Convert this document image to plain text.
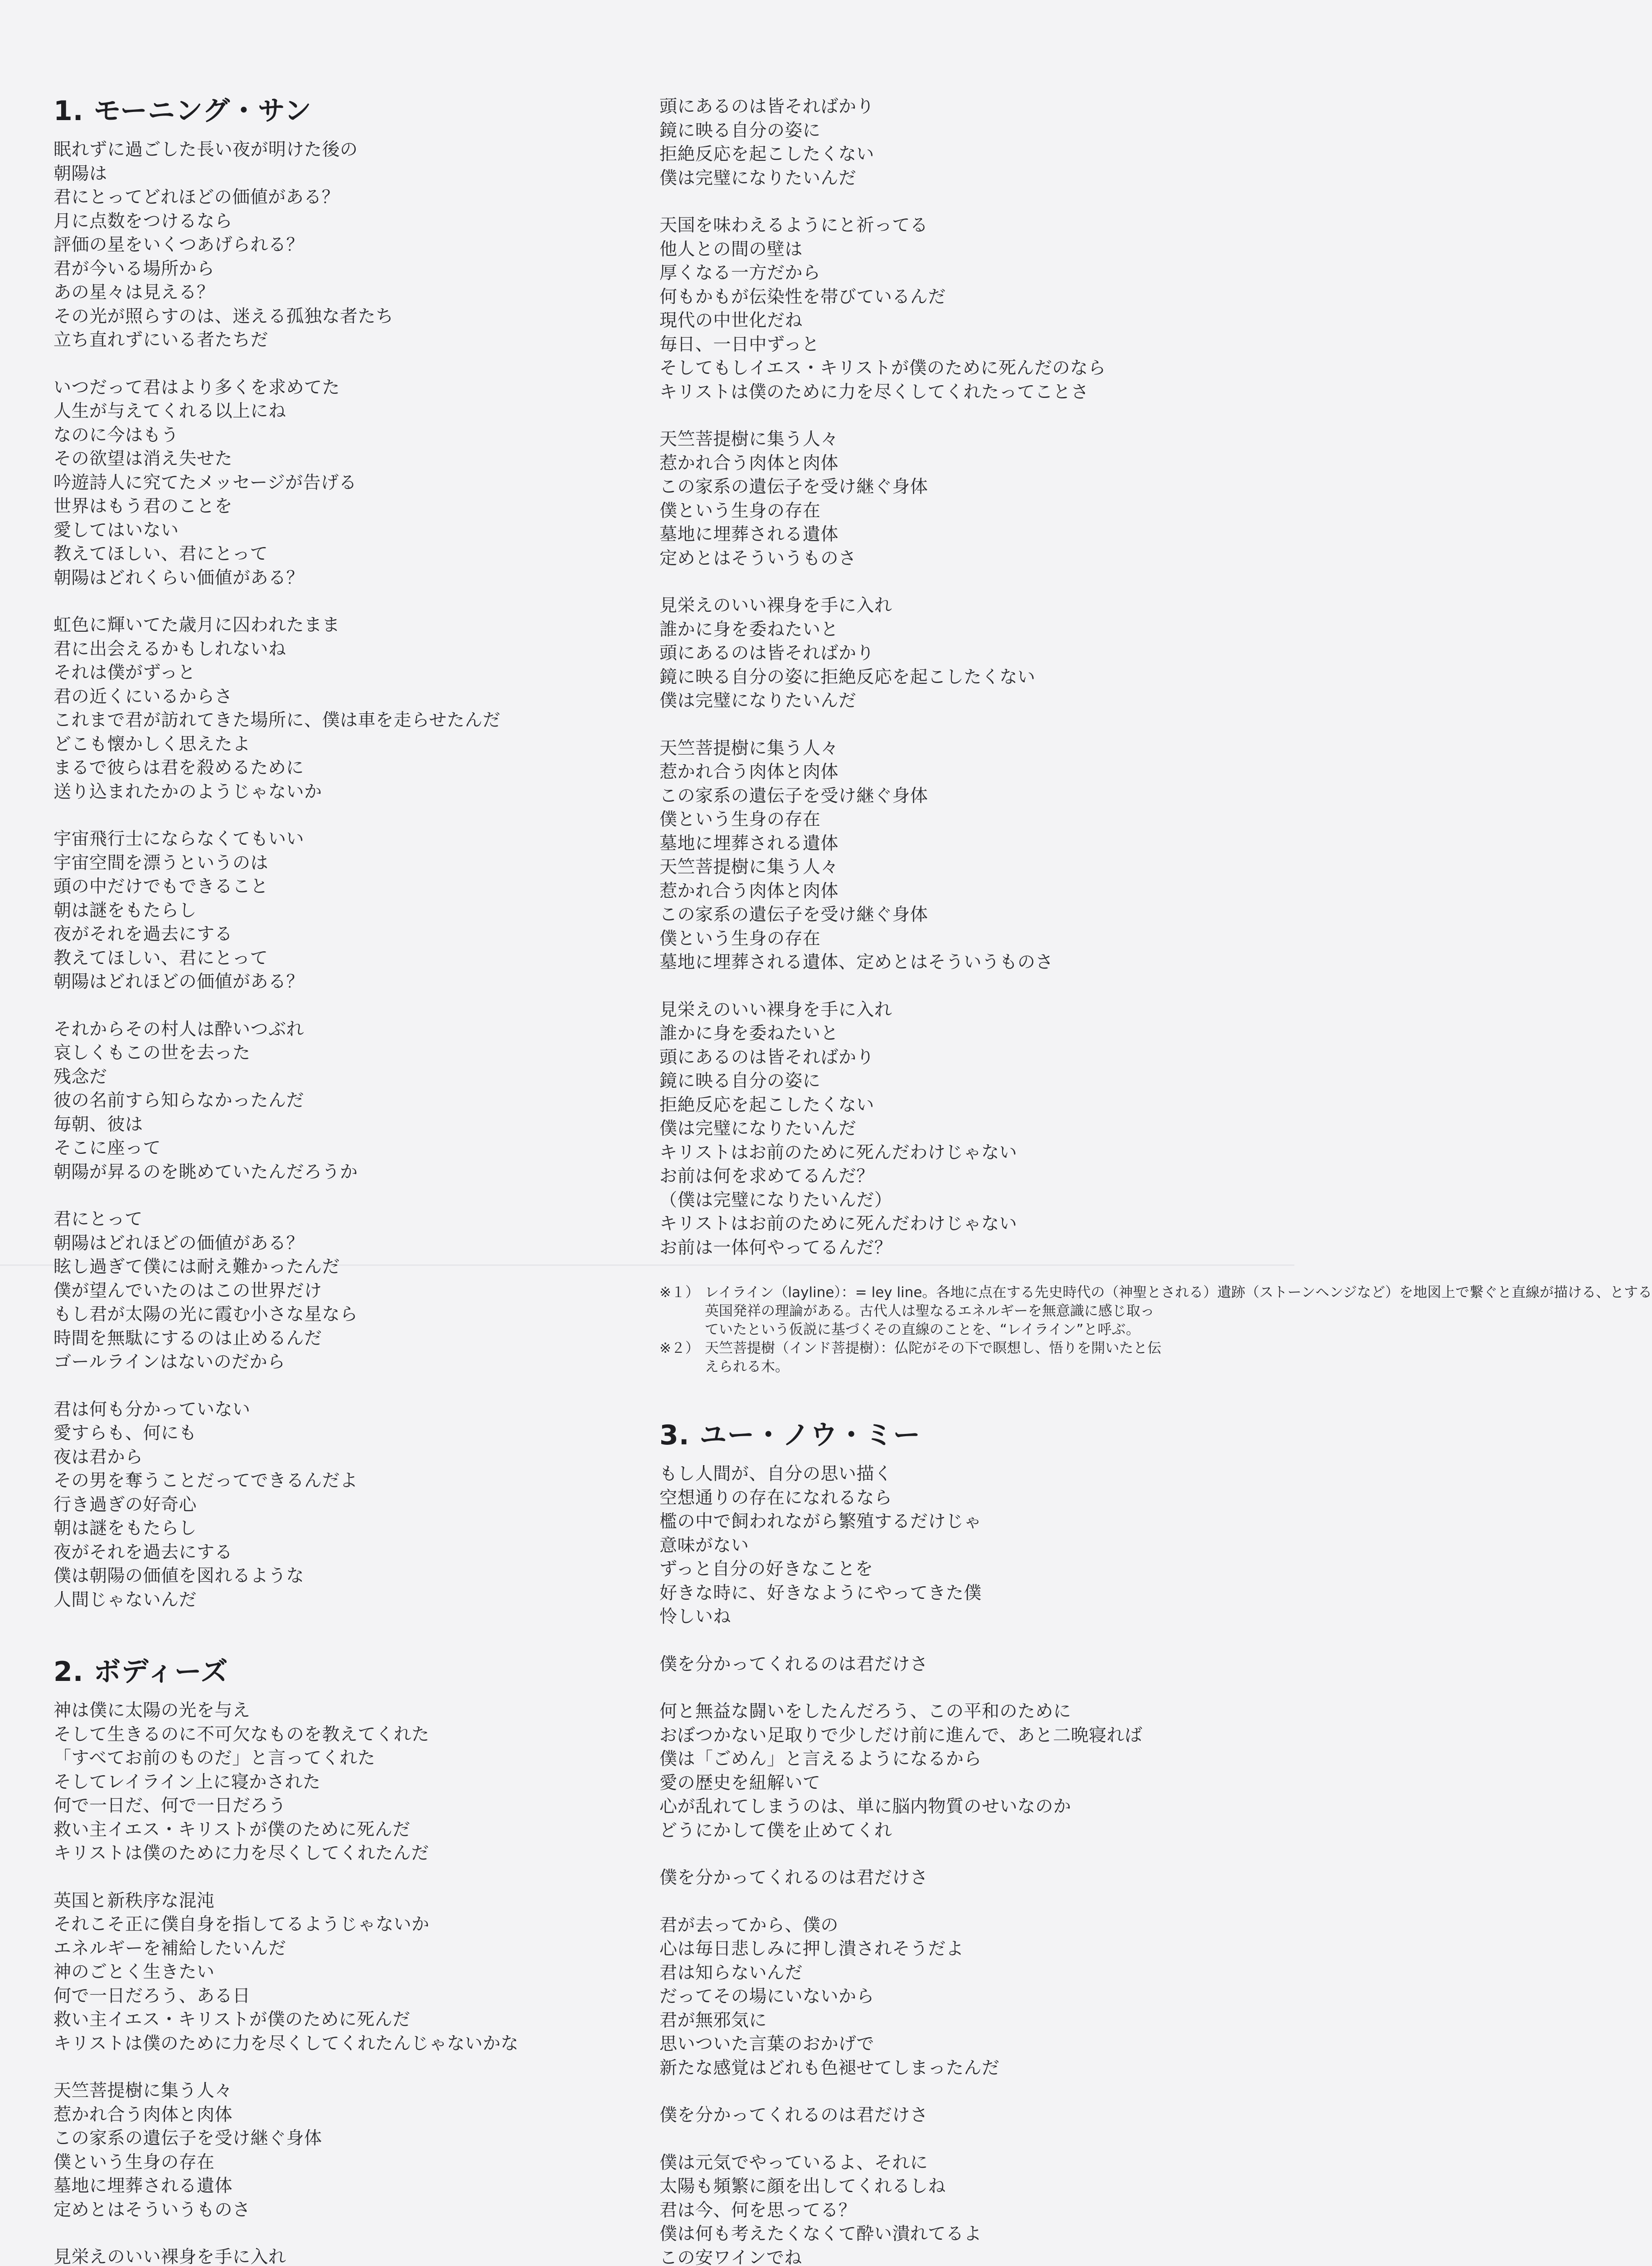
1. モーニング・サン
眠れずに過ごした長い夜が明けた後の
朝陽は
君にとってどれほどの価値がある？
月に点数をつけるなら
評価の星をいくつあげられる？
君が今いる場所から
あの星々は見える？
その光が照らすのは、迷える孤独な者たち
立ち直れずにいる者たちだ
いつだって君はより多くを求めてた
人生が与えてくれる以上にね
なのに今はもう
その欲望は消え失せた
吟遊詩人に究てたメッセージが告げる
世界はもう君のことを
愛してはいない
教えてほしい、君にとって
朝陽はどれくらい価値がある？
虹色に輝いてた歳月に囚われたまま
君に出会えるかもしれないね
それは僕がずっと
君の近くにいるからさ
これまで君が訪れてきた場所に、僕は車を走らせたんだ
どこも懐かしく思えたよ
まるで彼らは君を殺めるために
送り込まれたかのようじゃないか
宇宙飛行士にならなくてもいい
宇宙空間を漂うというのは
頭の中だけでもできること
朝は謎をもたらし
夜がそれを過去にする
教えてほしい、君にとって
朝陽はどれほどの価値がある？
それからその村人は酔いつぶれ
哀しくもこの世を去った
残念だ
彼の名前すら知らなかったんだ
毎朝、彼は
そこに座って
朝陽が昇るのを眺めていたんだろうか
君にとって
朝陽はどれほどの価値がある？
眩し過ぎて僕には耐え難かったんだ
僕が望んでいたのはこの世界だけ
もし君が太陽の光に霞む小さな星なら
時間を無駄にするのは止めるんだ
ゴールラインはないのだから
君は何も分かっていない
愛すらも、何にも
夜は君から
その男を奪うことだってできるんだよ
行き過ぎの好奇心
朝は謎をもたらし
夜がそれを過去にする
僕は朝陽の価値を図れるような
人間じゃないんだ
2. ボディーズ
神は僕に太陽の光を与え
そして生きるのに不可欠なものを教えてくれた
「すべてお前のものだ」と言ってくれた
そしてレイライン上に寝かされた
何で一日だ、何で一日だろう
救い主イエス・キリストが僕のために死んだ
キリストは僕のために力を尽くしてくれたんだ
英国と新秩序な混沌
それこそ正に僕自身を指してるようじゃないか
エネルギーを補給したいんだ
神のごとく生きたい
何で一日だろう、ある日
救い主イエス・キリストが僕のために死んだ
キリストは僕のために力を尽くしてくれたんじゃないかな
天竺菩提樹に集う人々
惹かれ合う肉体と肉体
この家系の遺伝子を受け継ぐ身体
僕という生身の存在
墓地に埋葬される遺体
定めとはそういうものさ
見栄えのいい裸身を手に入れ
頭にあるのは皆そればかり
鏡に映る自分の姿に
拒絶反応を起こしたくない
僕は完璧になりたいんだ
天国を味わえるようにと祈ってる
他人との間の壁は
厚くなる一方だから
何もかもが伝染性を帯びているんだ
現代の中世化だね
毎日、一日中ずっと
そしてもしイエス・キリストが僕のために死んだのなら
キリストは僕のために力を尽くしてくれたってことさ
天竺菩提樹に集う人々
惹かれ合う肉体と肉体
この家系の遺伝子を受け継ぐ身体
僕という生身の存在
墓地に埋葬される遺体
定めとはそういうものさ
見栄えのいい裸身を手に入れ
誰かに身を委ねたいと
頭にあるのは皆そればかり
鏡に映る自分の姿に拒絶反応を起こしたくない
僕は完璧になりたいんだ
天竺菩提樹に集う人々
惹かれ合う肉体と肉体
この家系の遺伝子を受け継ぐ身体
僕という生身の存在
墓地に埋葬される遺体
天竺菩提樹に集う人々
惹かれ合う肉体と肉体
この家系の遺伝子を受け継ぐ身体
僕という生身の存在
墓地に埋葬される遺体、定めとはそういうものさ
見栄えのいい裸身を手に入れ
誰かに身を委ねたいと
頭にあるのは皆そればかり
鏡に映る自分の姿に
拒絶反応を起こしたくない
僕は完璧になりたいんだ
キリストはお前のために死んだわけじゃない
お前は何を求めてるんだ？
（僕は完璧になりたいんだ）
キリストはお前のために死んだわけじゃない
お前は一体何やってるんだ？
※１） レイライン（layline）：= ley line。各地に点在する先史時代の（神聖とされる）遺跡（ストーンヘンジなど）を地図上で繋ぐと直線が描ける、とする
英国発祥の理論がある。古代人は聖なるエネルギーを無意識に感じ取っ
ていたという仮説に基づくその直線のことを、“レイライン”と呼ぶ。
※２） 天竺菩提樹（インド菩提樹）：仏陀がその下で瞑想し、悟りを開いたと伝
えられる木。
3. ユー・ノウ・ミー
もし人間が、自分の思い描く
空想通りの存在になれるなら
檻の中で飼われながら繁殖するだけじゃ
意味がない
ずっと自分の好きなことを
好きな時に、好きなようにやってきた僕
怜しいね
僕を分かってくれるのは君だけさ
何と無益な闘いをしたんだろう、この平和のために
おぼつかない足取りで少しだけ前に進んで、あと二晩寝れば
僕は「ごめん」と言えるようになるから
愛の歴史を紐解いて
心が乱れてしまうのは、単に脳内物質のせいなのか
どうにかして僕を止めてくれ
僕を分かってくれるのは君だけさ
君が去ってから、僕の
心は毎日悲しみに押し潰されそうだよ
君は知らないんだ
だってその場にいないから
君が無邪気に
思いついた言葉のおかげで
新たな感覚はどれも色褪せてしまったんだ
僕を分かってくれるのは君だけさ
僕は元気でやっているよ、それに
太陽も頻繁に顔を出してくれるしね
君は今、何を思ってる？
僕は何も考えたくなくて酔い潰れてるよ
この安ワインでね
